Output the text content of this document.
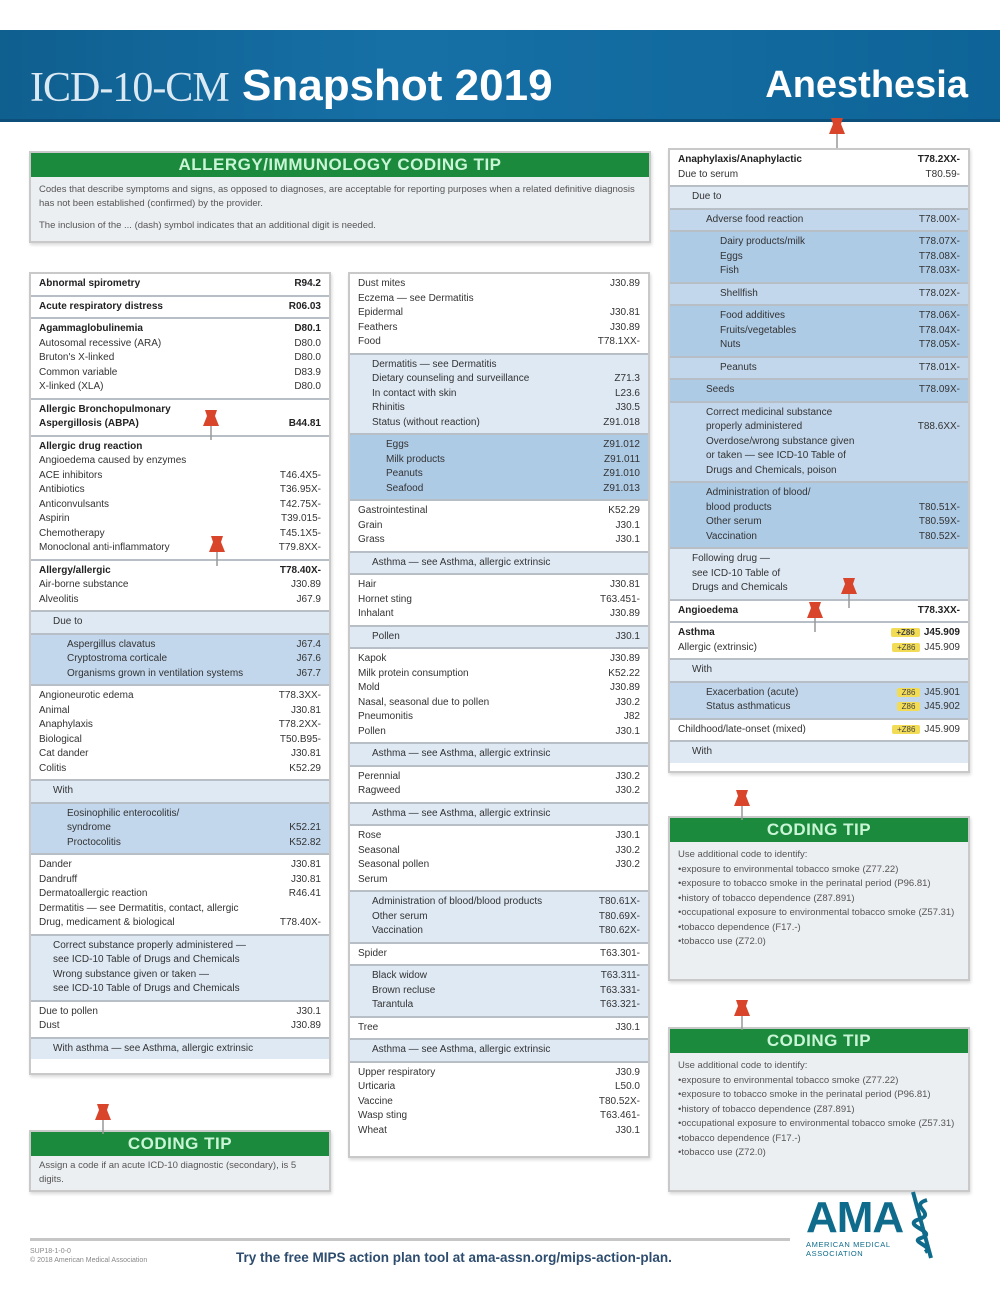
ICD-10-CM Snapshot 2019	Anesthesia
ALLERGY/IMMUNOLOGY CODING TIP

Codes that describe symptoms and signs, as opposed to diagnoses, are acceptable for reporting purposes when a related definitive diagnosis has not been established (confirmed) by the provider.

The inclusion of the ... (dash) symbol indicates that an additional digit is needed.

Abnormal spirometry	R94.2
Acute respiratory distress	R06.03
Agammaglobulinemia	D80.1
Autosomal recessive (ARA)	D80.0
Bruton's X-linked	D80.0
Common variable	D83.9
X-linked (XLA)	D80.0
Allergic Bronchopulmonary
Aspergillosis (ABPA)	B44.81
Allergic drug reaction
Angioedema caused by enzymes
ACE inhibitors	T46.4X5-
Antibiotics	T36.95X-
Anticonvulsants	T42.75X-
Aspirin	T39.015-
Chemotherapy	T45.1X5-
Monoclonal anti-inflammatory	T79.8XX-
Allergy/allergic	T78.40X-
Air-borne substance	J30.89
Alveolitis	J67.9
Due to
Aspergillus clavatus	J67.4
Cryptostroma corticale	J67.6
Organisms grown in ventilation systems	J67.7
Angioneurotic edema	T78.3XX-
Animal	J30.81
Anaphylaxis	T78.2XX-
Biological	T50.B95-
Cat dander	J30.81
Colitis	K52.29
With
Eosinophilic enterocolitis/
syndrome	K52.21
Proctocolitis	K52.82
Dander	J30.81
Dandruff	J30.81
Dermatoallergic reaction	R46.41
Dermatitis — see Dermatitis, contact, allergic
Drug, medicament & biological	T78.40X-
Correct substance properly administered —
see ICD-10 Table of Drugs and Chemicals
Wrong substance given or taken —
see ICD-10 Table of Drugs and Chemicals
Due to pollen	J30.1
Dust	J30.89
With asthma — see Asthma, allergic extrinsic
Dust mites	J30.89
Eczema — see Dermatitis
Epidermal	J30.81
Feathers	J30.89
Food	T78.1XX-
Dermatitis — see Dermatitis
Dietary counseling and surveillance	Z71.3
In contact with skin	L23.6
Rhinitis	J30.5
Status (without reaction)	Z91.018
Eggs	Z91.012
Milk products	Z91.011
Peanuts	Z91.010
Seafood	Z91.013
Gastrointestinal	K52.29
Grain	J30.1
Grass	J30.1
Asthma — see Asthma, allergic extrinsic
Hair	J30.81
Hornet sting	T63.451-
Inhalant	J30.89
Pollen	J30.1
Kapok	J30.89
Milk protein consumption	K52.22
Mold	J30.89
Nasal, seasonal due to pollen	J30.2
Pneumonitis	J82
Pollen	J30.1
Asthma — see Asthma, allergic extrinsic
Perennial	J30.2
Ragweed	J30.2
Asthma — see Asthma, allergic extrinsic
Rose	J30.1
Seasonal	J30.2
Seasonal pollen	J30.2
Serum
Administration of blood/blood products	T80.61X-
Other serum	T80.69X-
Vaccination	T80.62X-
Spider	T63.301-
Black widow	T63.311-
Brown recluse	T63.331-
Tarantula	T63.321-
Tree	J30.1
Asthma — see Asthma, allergic extrinsic
Upper respiratory	J30.9
Urticaria	L50.0
Vaccine	T80.52X-
Wasp sting	T63.461-
Wheat	J30.1
Anaphylaxis/Anaphylactic	T78.2XX-
Due to serum	T80.59-
Due to
Adverse food reaction	T78.00X-
Dairy products/milk	T78.07X-
Eggs	T78.08X-
Fish	T78.03X-
Shellfish	T78.02X-
Food additives	T78.06X-
Fruits/vegetables	T78.04X-
Nuts	T78.05X-
Peanuts	T78.01X-
Seeds	T78.09X-
Correct medicinal substance
properly administered	T88.6XX-
Overdose/wrong substance given
or taken — see ICD-10 Table of
Drugs and Chemicals, poison
Administration of blood/
blood products	T80.51X-
Other serum	T80.59X-
Vaccination	T80.52X-
Following drug —
see ICD-10 Table of
Drugs and Chemicals
Angioedema	T78.3XX-
Asthma	+Z86 J45.909
Allergic (extrinsic)	+Z86 J45.909
With
Exacerbation (acute)	Z86 J45.901
Status asthmaticus	Z86 J45.902
Childhood/late-onset (mixed)	+Z86 J45.909
With
CODING TIP
Assign a code if an acute ICD-10 diagnostic (secondary), is 5 digits.
CODING TIP
Use additional code to identify:
• exposure to environmental tobacco smoke (Z77.22)
• exposure to tobacco smoke in the perinatal period (P96.81)
• history of tobacco dependence (Z87.891)
• occupational exposure to environmental tobacco smoke (Z57.31)
• tobacco dependence (F17.-)
• tobacco use (Z72.0)
CODING TIP
Use additional code to identify:
• exposure to environmental tobacco smoke (Z77.22)
• exposure to tobacco smoke in the perinatal period (P96.81)
• history of tobacco dependence (Z87.891)
• occupational exposure to environmental tobacco smoke (Z57.31)
• tobacco dependence (F17.-)
• tobacco use (Z72.0)
SUP18-1-0-0
© 2018 American Medical Association	Try the free MIPS action plan tool at ama-assn.org/mips-action-plan.
AMA
AMERICAN MEDICAL
ASSOCIATION
